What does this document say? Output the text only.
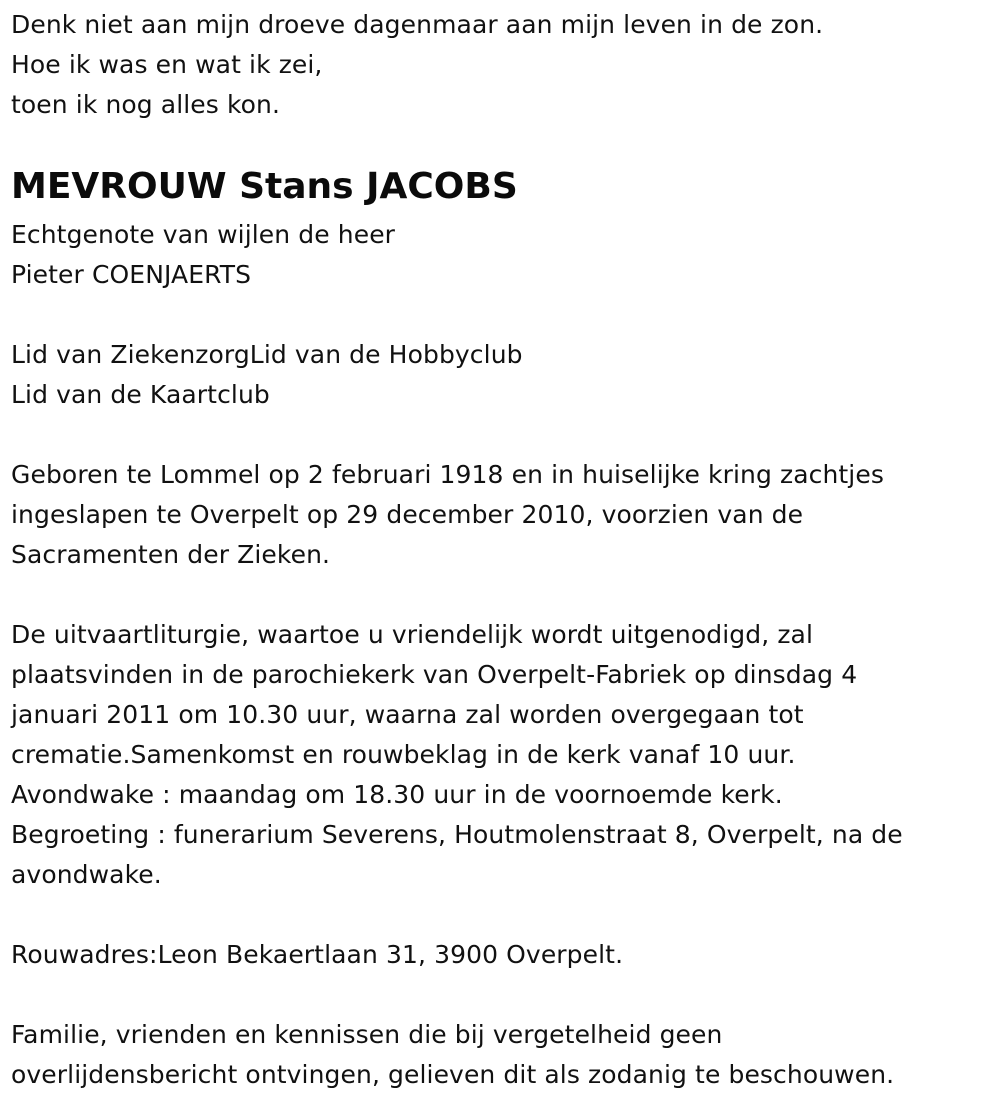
Denk niet aan mijn droeve dagenmaar aan mijn leven in de zon.
Hoe ik was en wat ik zei,
toen ik nog alles kon.
MEVROUW Stans JACOBS
Echtgenote van wijlen de heer
Pieter COENJAERTS
Lid van ZiekenzorgLid van de Hobbyclub
Lid van de Kaartclub
Geboren te Lommel op 2 februari 1918 en in huiselijke kring zachtjes
ingeslapen te Overpelt op 29 december 2010, voorzien van de
Sacramenten der Zieken.
De uitvaartliturgie, waartoe u vriendelijk wordt uitgenodigd, zal
plaatsvinden in de parochiekerk van Overpelt-Fabriek op dinsdag 4
januari 2011 om 10.30 uur, waarna zal worden overgegaan tot
crematie.Samenkomst en rouwbeklag in de kerk vanaf 10 uur.
Avondwake : maandag om 18.30 uur in de voornoemde kerk.
Begroeting : funerarium Severens, Houtmolenstraat 8, Overpelt, na de
avondwake.
Rouwadres:Leon Bekaertlaan 31, 3900 Overpelt.
Familie, vrienden en kennissen die bij vergetelheid geen
overlijdensbericht ontvingen, gelieven dit als zodanig te beschouwen.
